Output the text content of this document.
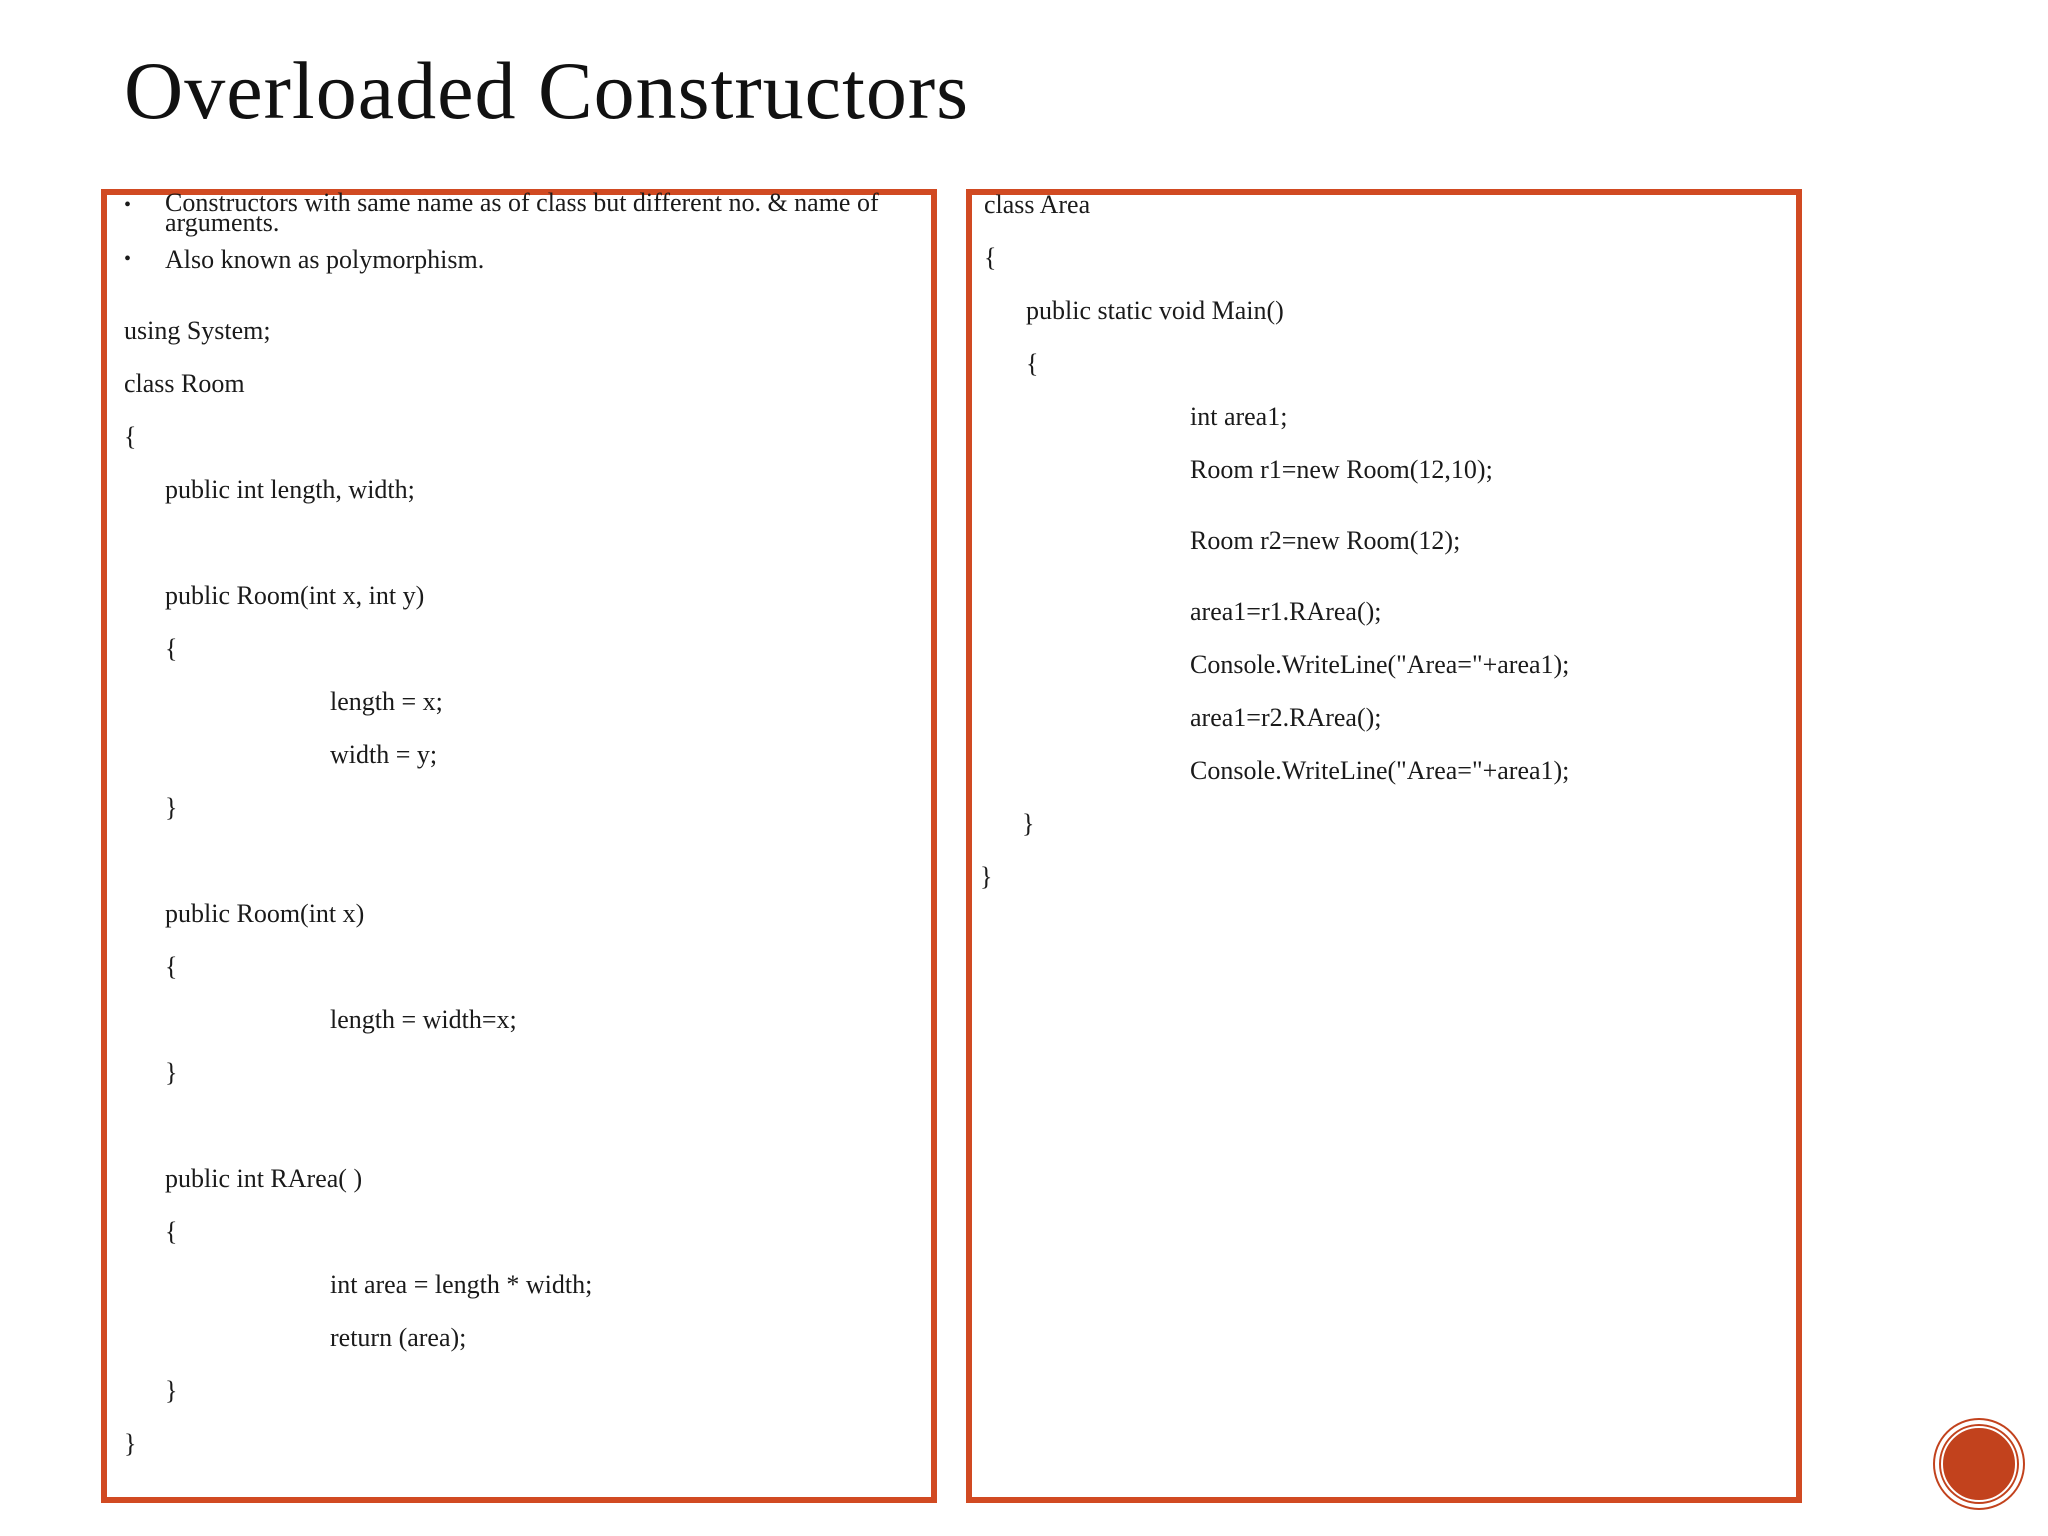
Overloaded Constructors
• Constructors with same name as of class but different no. & name of arguments.
• Also known as polymorphism.
using System;
class Room
{
public int length, width;
public Room(int x, int y)
{
length = x;
width = y;
}
public Room(int x)
{
length = width=x;
}
public int RArea( )
{
int area = length * width;
return (area);
}
}
class Area
{
public static void Main()
{
int area1;
Room r1=new Room(12,10);
Room r2=new Room(12);
area1=r1.RArea();
Console.WriteLine("Area="+area1);
area1=r2.RArea();
Console.WriteLine("Area="+area1);
}
}
